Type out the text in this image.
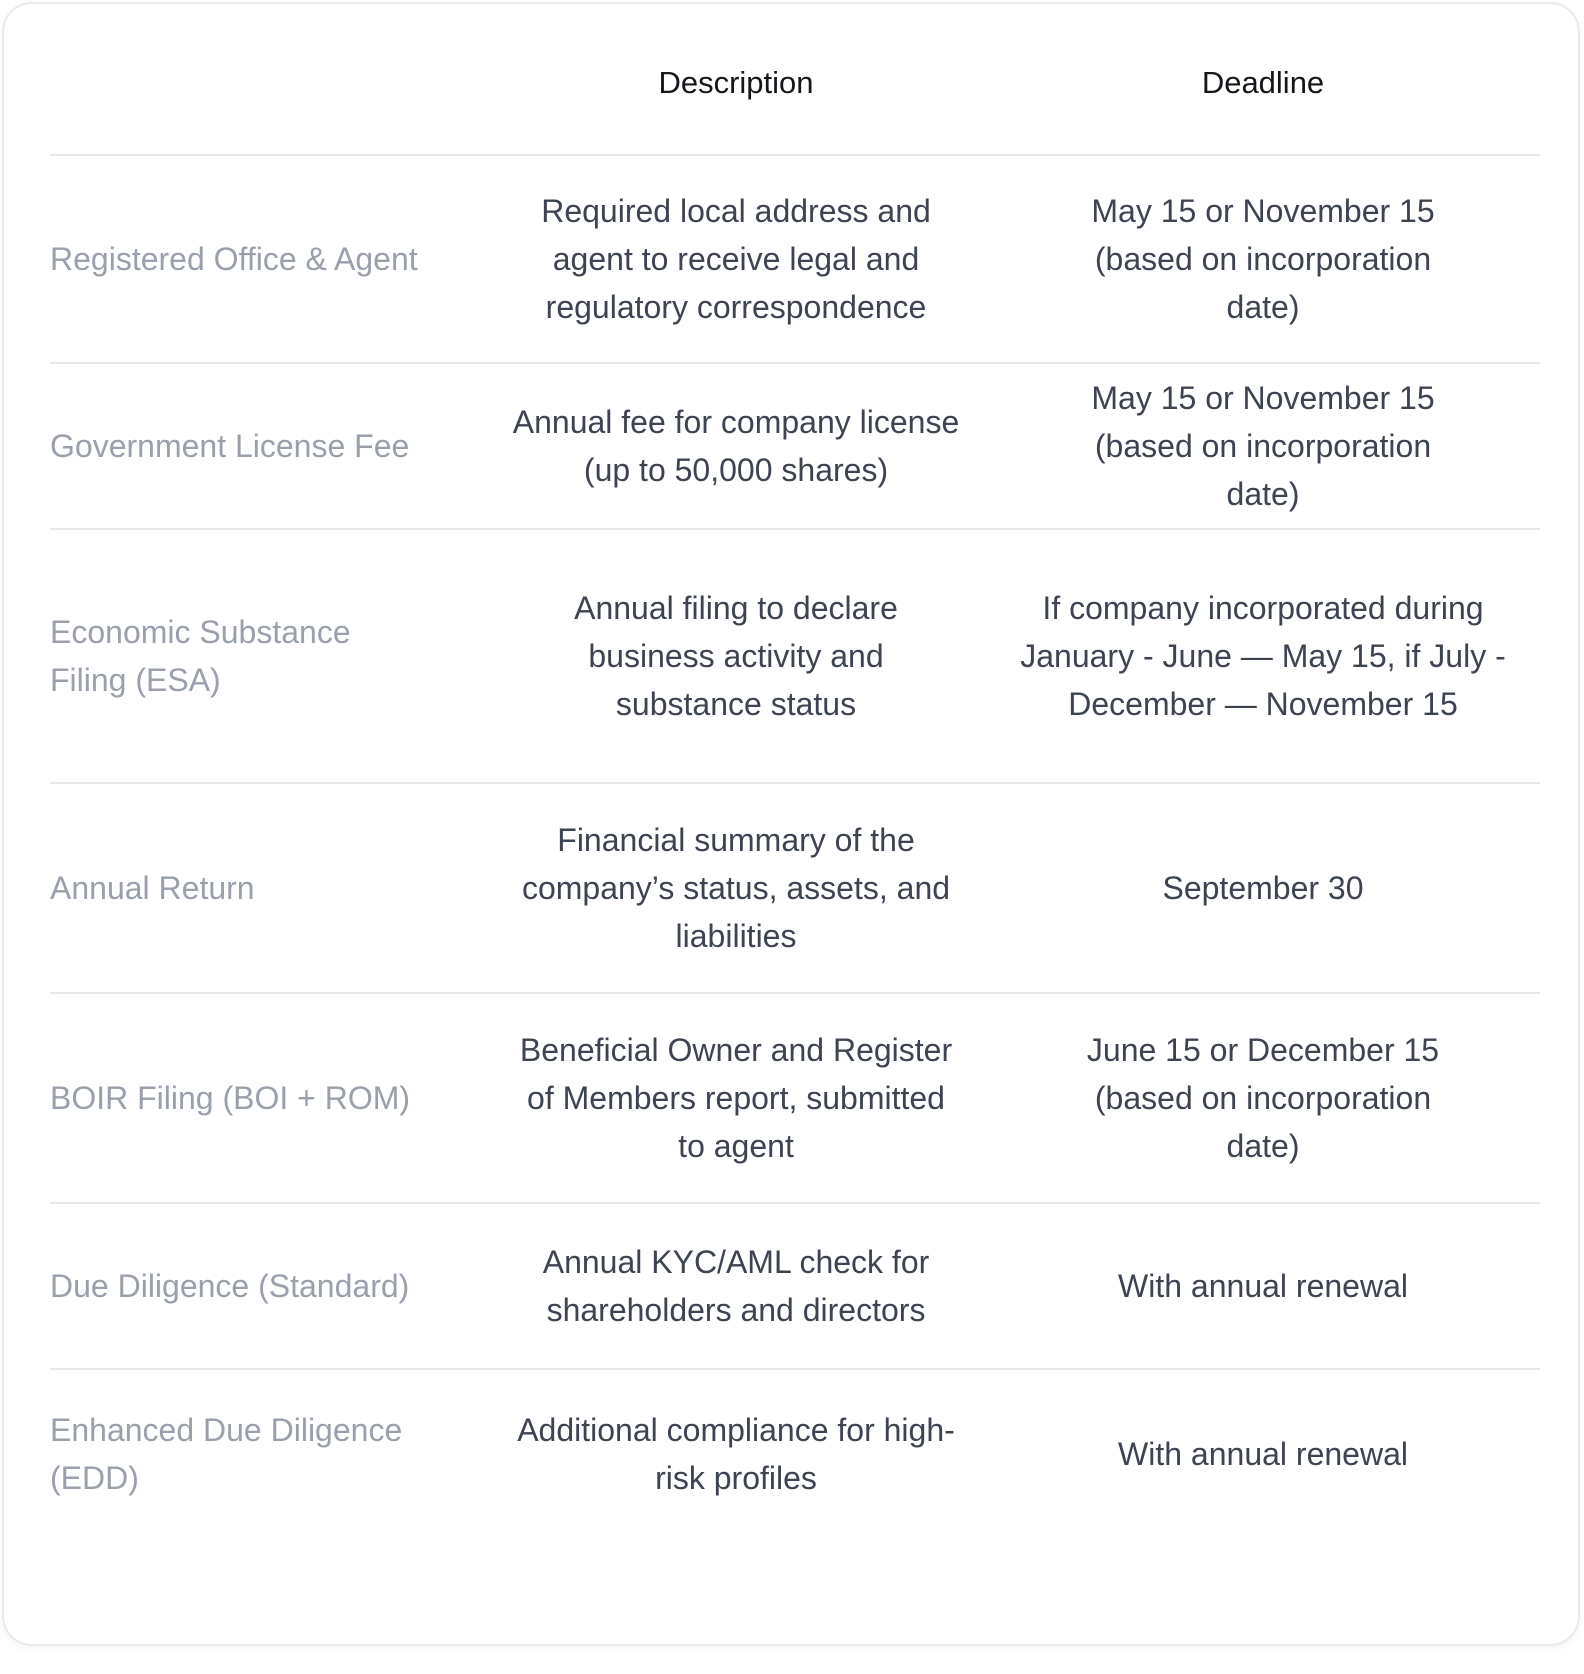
Description	Deadline
Registered Office & Agent
Required local address and agent to receive legal and regulatory correspondence
May 15 or November 15 (based on incorporation date)
Government License Fee
Annual fee for company license (up to 50,000 shares)
May 15 or November 15 (based on incorporation date)
Economic Substance Filing (ESA)
Annual filing to declare business activity and substance status
If company incorporated during January - June — May 15, if July - December — November 15
Annual Return
Financial summary of the company’s status, assets, and liabilities
September 30
BOIR Filing (BOI + ROM)
Beneficial Owner and Register of Members report, submitted to agent
June 15 or December 15 (based on incorporation date)
Due Diligence (Standard)
Annual KYC/AML check for shareholders and directors
With annual renewal
Enhanced Due Diligence (EDD)
Additional compliance for high-risk profiles
With annual renewal
